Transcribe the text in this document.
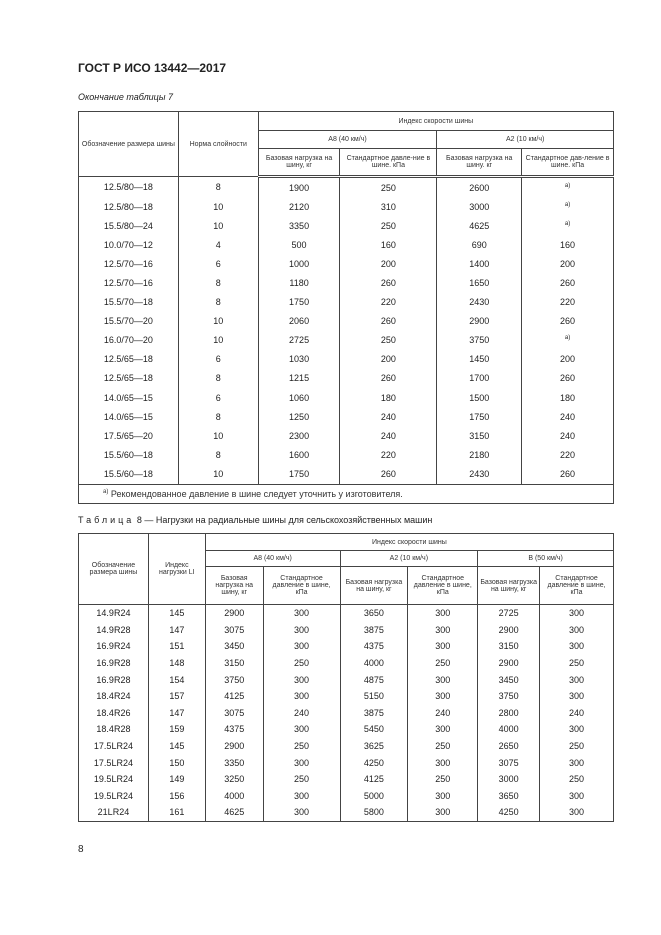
ГОСТ Р ИСО 13442—2017
Окончание таблицы 7
Обозначение размера шины	Норма слойности	Индекс скорости шины			
		А8 (40 км/ч)		А2 (10 км/ч)	
		Базовая нагрузка на шину, кг	Стандартное давле-ние в шине. кПа	Базовая нагрузка на шину. кг	Стандартное дав-ление в шине. кПа
12.5/80—18	8	1900	250	2600	$^{а)}$
12.5/80—18	10	2120	310	3000	$^{а)}$
15.5/80—24	10	3350	250	4625	$^{а)}$
10.0/70—12	4	500	160	690	160
12.5/70—16	6	1000	200	1400	200
12.5/70—16	8	1180	260	1650	260
15.5/70—18	8	1750	220	2430	220
15.5/70—20	10	2060	260	2900	260
16.0/70—20	10	2725	250	3750	$^{а)}$
12.5/65—18	6	1030	200	1450	200
12.5/65—18	8	1215	260	1700	260
14.0/65—15	6	1060	180	1500	180
14.0/65—15	8	1250	240	1750	240
17.5/65—20	10	2300	240	3150	240
15.5/60—18	8	1600	220	2180	220
15.5/60—18	10	1750	260	2430	260
$^{а)}$ Рекомендованное давление в шине следует уточнить у изготовителя.					
Таблица 8 — Нагрузки на радиальные шины для сельскохозяйственных машин
Обозначение размера шины	Индекс нагрузки LI	Индекс скорости шины					
		А8 (40 км/ч)		А2 (10 км/ч)		В (50 км/ч)	
		Базовая нагрузка на шину, кг	Стандартное давление в шине, кПа	Базовая нагрузка на шину, кг	Стандартное давление в шине, кПа	Базовая нагрузка на шину, кг	Стандартное давление в шине, кПа
14.9R24	145	2900	300	3650	300	2725	300
14.9R28	147	3075	300	3875	300	2900	300
16.9R24	151	3450	300	4375	300	3150	300
16.9R28	148	3150	250	4000	250	2900	250
16.9R28	154	3750	300	4875	300	3450	300
18.4R24	157	4125	300	5150	300	3750	300
18.4R26	147	3075	240	3875	240	2800	240
18.4R28	159	4375	300	5450	300	4000	300
17.5LR24	145	2900	250	3625	250	2650	250
17.5LR24	150	3350	300	4250	300	3075	300
19.5LR24	149	3250	250	4125	250	3000	250
19.5LR24	156	4000	300	5000	300	3650	300
21LR24	161	4625	300	5800	300	4250	300
8
